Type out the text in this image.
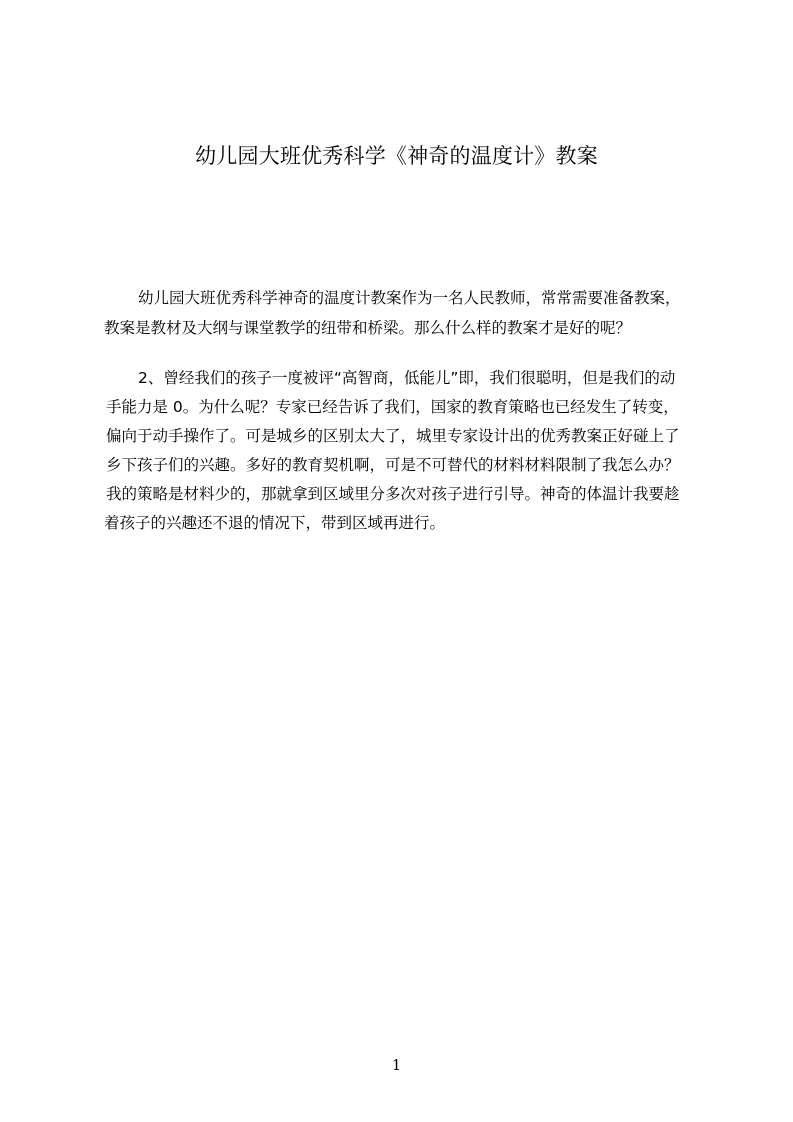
幼儿园大班优秀科学《神奇的温度计》教案
幼儿园大班优秀科学神奇的温度计教案作为一名人民教师，常常需要准备教案，
教案是教材及大纲与课堂教学的纽带和桥梁。那么什么样的教案才是好的呢？
2、曾经我们的孩子一度被评“高智商，低能儿”即，我们很聪明，但是我们的动
手能力是 0。为什么呢？专家已经告诉了我们，国家的教育策略也已经发生了转变，
偏向于动手操作了。可是城乡的区别太大了，城里专家设计出的优秀教案正好碰上了
乡下孩子们的兴趣。多好的教育契机啊，可是不可替代的材料材料限制了我怎么办？
我的策略是材料少的，那就拿到区域里分多次对孩子进行引导。神奇的体温计我要趁
着孩子的兴趣还不退的情况下，带到区域再进行。
1
